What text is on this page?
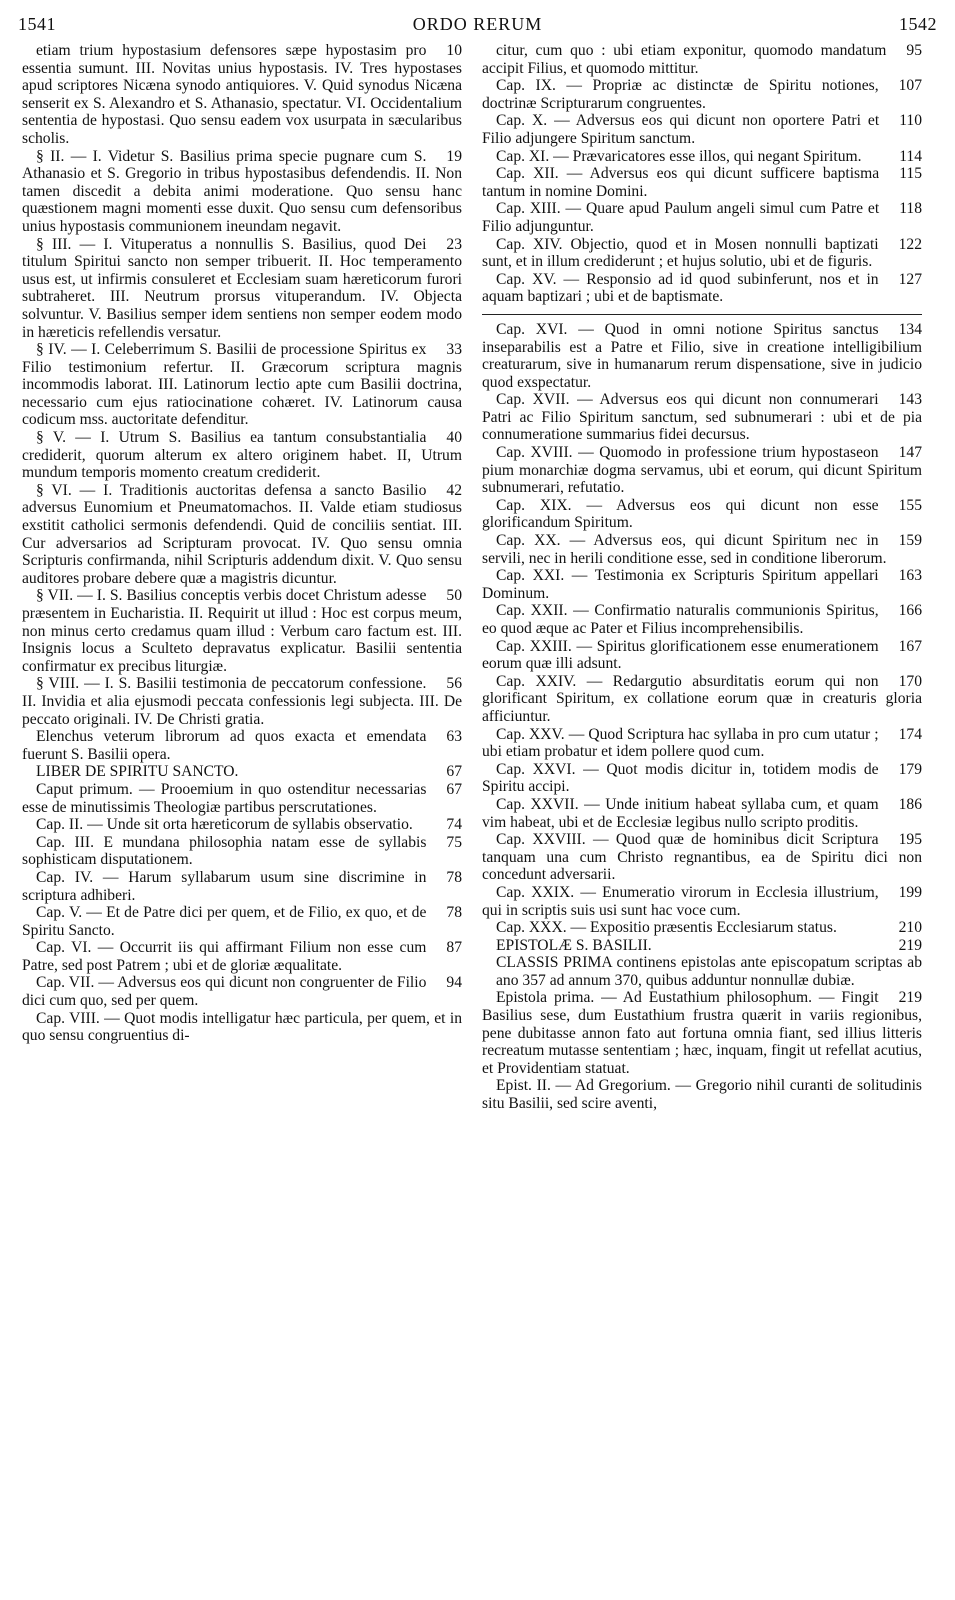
1541	ORDO RERUM	1542
10
etiam trium hypostasium defensores sæpe hypostasim pro essentia sumunt. III. Novitas unius hypostasis. IV. Tres hypostases apud scriptores Nicæna synodo antiquiores. V. Quid synodus Nicæna senserit ex S. Alexandro et S. Athanasio, spectatur. VI. Occidentalium sententia de hypostasi. Quo sensu eadem vox usurpata in sæcularibus scholis.
19
§ II. — I. Videtur S. Basilius prima specie pugnare cum S. Athanasio et S. Gregorio in tribus hypostasibus defendendis. II. Non tamen discedit a debita animi moderatione. Quo sensu hanc quæstionem magni momenti esse duxit. Quo sensu cum defensoribus unius hypostasis communionem ineundam negavit.
23
§ III. — I. Vituperatus a nonnullis S. Basilius, quod Dei titulum Spiritui sancto non semper tribuerit. II. Hoc temperamento usus est, ut infirmis consuleret et Ecclesiam suam hæreticorum furori subtraheret. III. Neutrum prorsus vituperandum. IV. Objecta solvuntur. V. Basilius semper idem sentiens non semper eodem modo in hæreticis refellendis versatur.
33
§ IV. — I. Celeberrimum S. Basilii de processione Spiritus ex Filio testimonium refertur. II. Græcorum scriptura magnis incommodis laborat. III. Latinorum lectio apte cum Basilii doctrina, necessario cum ejus ratiocinatione cohæret. IV. Latinorum causa codicum mss. auctoritate defenditur.
40
§ V. — I. Utrum S. Basilius ea tantum consubstantialia crediderit, quorum alterum ex altero originem habet. II, Utrum mundum temporis momento creatum crediderit.
42
§ VI. — I. Traditionis auctoritas defensa a sancto Basilio adversus Eunomium et Pneumatomachos. II. Valde etiam studiosus exstitit catholici sermonis defendendi. Quid de conciliis sentiat. III. Cur adversarios ad Scripturam provocat. IV. Quo sensu omnia Scripturis confirmanda, nihil Scripturis addendum dixit. V. Quo sensu auditores probare debere quæ a magistris dicuntur.
50
§ VII. — I. S. Basilius conceptis verbis docet Christum adesse præsentem in Eucharistia. II. Requirit ut illud : Hoc est corpus meum, non minus certo credamus quam illud : Verbum caro factum est. III. Insignis locus a Sculteto depravatus explicatur. Basilii sententia confirmatur ex precibus liturgiæ.
56
§ VIII. — I. S. Basilii testimonia de peccatorum confessione. II. Invidia et alia ejusmodi peccata confessionis legi subjecta. III. De peccato originali. IV. De Christi gratia.
63
Elenchus veterum librorum ad quos exacta et emendata fuerunt S. Basilii opera.
67
LIBER DE SPIRITU SANCTO.
67
Caput primum. — Prooemium in quo ostenditur necessarias esse de minutissimis Theologiæ partibus perscrutationes.
74
Cap. II. — Unde sit orta hæreticorum de syllabis observatio.
75
Cap. III. E mundana philosophia natam esse de syllabis sophisticam disputationem.
78
Cap. IV. — Harum syllabarum usum sine discrimine in scriptura adhiberi.
78
Cap. V. — Et de Patre dici per quem, et de Filio, ex quo, et de Spiritu Sancto.
87
Cap. VI. — Occurrit iis qui affirmant Filium non esse cum Patre, sed post Patrem ; ubi et de gloriæ æqualitate.
94
Cap. VII. — Adversus eos qui dicunt non congruenter de Filio dici cum quo, sed per quem.
Cap. VIII. — Quot modis intelligatur hæc particula, per quem, et in quo sensu congruentius di-
95
citur, cum quo : ubi etiam exponitur, quomodo mandatum accipit Filius, et quomodo mittitur.
107
Cap. IX. — Propriæ ac distinctæ de Spiritu notiones, doctrinæ Scripturarum congruentes.
110
Cap. X. — Adversus eos qui dicunt non oportere Patri et Filio adjungere Spiritum sanctum.
114
Cap. XI. — Prævaricatores esse illos, qui negant Spiritum.
115
Cap. XII. — Adversus eos qui dicunt sufficere baptisma tantum in nomine Domini.
118
Cap. XIII. — Quare apud Paulum angeli simul cum Patre et Filio adjunguntur.
122
Cap. XIV. Objectio, quod et in Mosen nonnulli baptizati sunt, et in illum crediderunt ; et hujus solutio, ubi et de figuris.
127
Cap. XV. — Responsio ad id quod subinferunt, nos et in aquam baptizari ; ubi et de baptismate.
134
Cap. XVI. — Quod in omni notione Spiritus sanctus inseparabilis est a Patre et Filio, sive in creatione intelligibilium creaturarum, sive in humanarum rerum dispensatione, sive in judicio quod exspectatur.
143
Cap. XVII. — Adversus eos qui dicunt non connumerari Patri ac Filio Spiritum sanctum, sed subnumerari : ubi et de pia connumeratione summarius fidei decursus.
147
Cap. XVIII. — Quomodo in professione trium hypostaseon pium monarchiæ dogma servamus, ubi et eorum, qui dicunt Spiritum subnumerari, refutatio.
155
Cap. XIX. — Adversus eos qui dicunt non esse glorificandum Spiritum.
159
Cap. XX. — Adversus eos, qui dicunt Spiritum nec in servili, nec in herili conditione esse, sed in conditione liberorum.
163
Cap. XXI. — Testimonia ex Scripturis Spiritum appellari Dominum.
166
Cap. XXII. — Confirmatio naturalis communionis Spiritus, eo quod æque ac Pater et Filius incomprehensibilis.
167
Cap. XXIII. — Spiritus glorificationem esse enumerationem eorum quæ illi adsunt.
170
Cap. XXIV. — Redargutio absurditatis eorum qui non glorificant Spiritum, ex collatione eorum quæ in creaturis gloria afficiuntur.
174
Cap. XXV. — Quod Scriptura hac syllaba in pro cum utatur ; ubi etiam probatur et idem pollere quod cum.
179
Cap. XXVI. — Quot modis dicitur in, totidem modis de Spiritu accipi.
186
Cap. XXVII. — Unde initium habeat syllaba cum, et quam vim habeat, ubi et de Ecclesiæ legibus nullo scripto proditis.
195
Cap. XXVIII. — Quod quæ de hominibus dicit Scriptura tanquam una cum Christo regnantibus, ea de Spiritu dici non concedunt adversarii.
199
Cap. XXIX. — Enumeratio virorum in Ecclesia illustrium, qui in scriptis suis usi sunt hac voce cum.
210
Cap. XXX. — Expositio præsentis Ecclesiarum status.
219
EPISTOLÆ S. BASILII.
CLASSIS PRIMA continens epistolas ante episcopatum scriptas ab ano 357 ad annum 370, quibus adduntur nonnullæ dubiæ.
219
Epistola prima. — Ad Eustathium philosophum. — Fingit Basilius sese, dum Eustathium frustra quærit in variis regionibus, pene dubitasse annon fato aut fortuna omnia fiant, sed illius litteris recreatum mutasse sententiam ; hæc, inquam, fingit ut refellat acutius, et Providentiam statuat.
Epist. II. — Ad Gregorium. — Gregorio nihil curanti de solitudinis situ Basilii, sed scire aventi,
